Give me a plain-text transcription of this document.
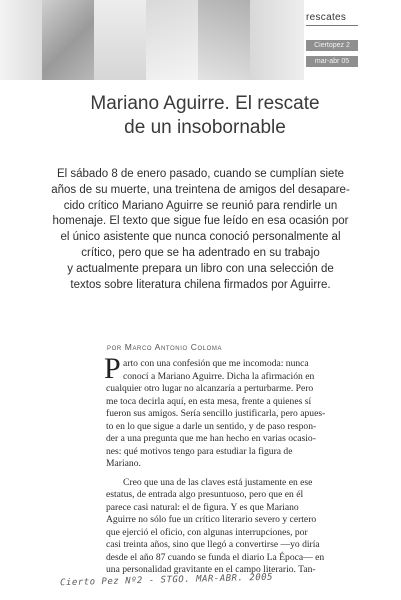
rescates
Ciertopez 2
mar-abr 05
Mariano Aguirre. El rescate
de un insobornable
El sábado 8 de enero pasado, cuando se cumplían siete
años de su muerte, una treintena de amigos del desapare-
cido crítico Mariano Aguirre se reunió para rendirle un
homenaje. El texto que sigue fue leído en esa ocasión por
el único asistente que nunca conoció personalmente al
crítico, pero que se ha adentrado en su trabajo
y actualmente prepara un libro con una selección de
textos sobre literatura chilena firmados por Aguirre.
por Marco Antonio Coloma
P arto con una confesión que me incomoda: nunca
conocí a Mariano Aguirre. Dicha la afirmación en
cualquier otro lugar no alcanzaría a perturbarme. Pero
me toca decirla aquí, en esta mesa, frente a quienes sí
fueron sus amigos. Sería sencillo justificarla, pero apues-
to en lo que sigue a darle un sentido, y de paso respon-
der a una pregunta que me han hecho en varias ocasio-
nes: qué motivos tengo para estudiar la figura de
Mariano.
Creo que una de las claves está justamente en ese
estatus, de entrada algo presuntuoso, pero que en él
parece casi natural: el de figura. Y es que Mariano
Aguirre no sólo fue un crítico literario severo y certero
que ejerció el oficio, con algunas interrupciones, por
casi treinta años, sino que llegó a convertirse —yo diría
desde el año 87 cuando se funda el diario La Época— en
una personalidad gravitante en el campo literario. Tan-
Cierto Pez Nº2 - STGO. MAR-ABR. 2005
